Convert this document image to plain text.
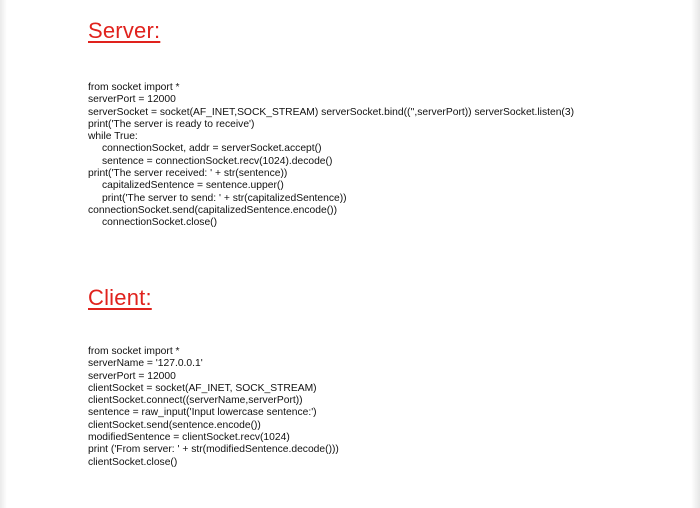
Server:
from socket import *
serverPort = 12000
serverSocket = socket(AF_INET,SOCK_STREAM) serverSocket.bind(('',serverPort)) serverSocket.listen(3)
print('The server is ready to receive')
while True:
connectionSocket, addr = serverSocket.accept()
sentence = connectionSocket.recv(1024).decode()
print('The server received: ' + str(sentence))
capitalizedSentence = sentence.upper()
print('The server to send: ' + str(capitalizedSentence))
connectionSocket.send(capitalizedSentence.encode())
connectionSocket.close()
Client:
from socket import *
serverName = '127.0.0.1'
serverPort = 12000
clientSocket = socket(AF_INET, SOCK_STREAM)
clientSocket.connect((serverName,serverPort))
sentence = raw_input('Input lowercase sentence:')
clientSocket.send(sentence.encode())
modifiedSentence = clientSocket.recv(1024)
print ('From server: ' + str(modifiedSentence.decode()))
clientSocket.close()
